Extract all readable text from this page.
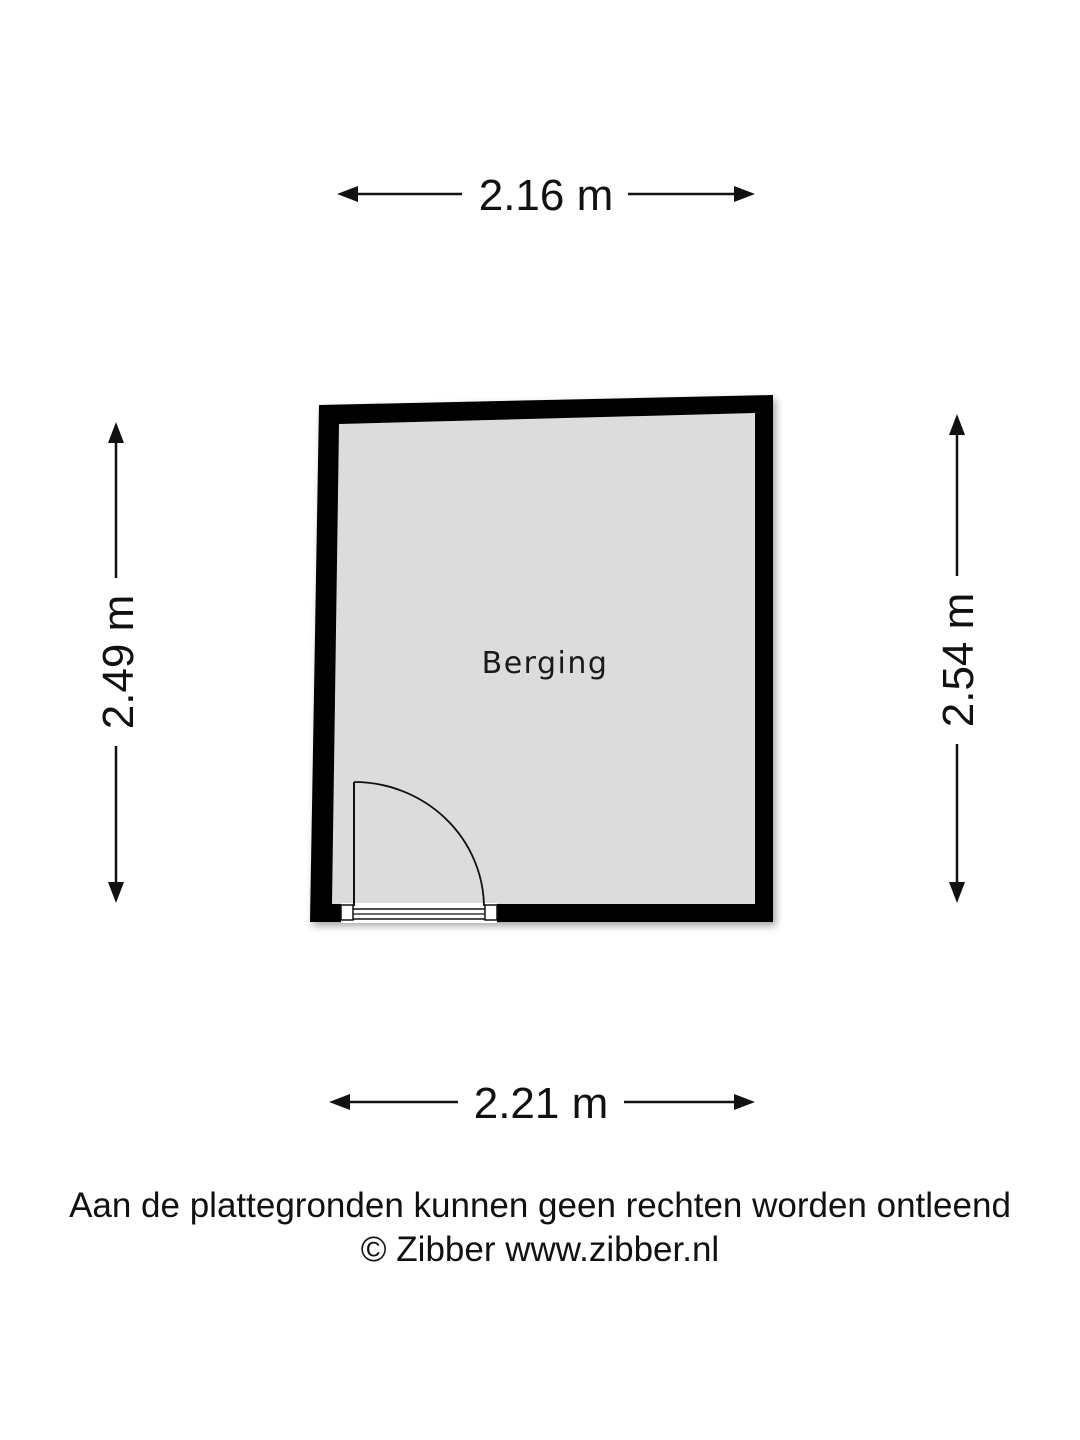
2.16 m
2.49 m	2.54 m
2.21 m
Berging
Aan de plattegronden kunnen geen rechten worden ontleend
© Zibber www.zibber.nl
